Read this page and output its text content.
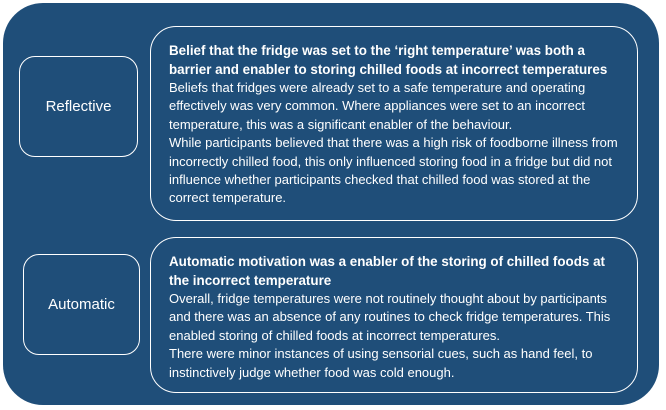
Reflective

Belief that the fridge was set to the ‘right temperature’ was both a barrier and enabler to storing chilled foods at incorrect temperatures

Beliefs that fridges were already set to a safe temperature and operating effectively was very common. Where appliances were set to an incorrect temperature, this was a significant enabler of the behaviour.

While participants believed that there was a high risk of foodborne illness from incorrectly chilled food, this only influenced storing food in a fridge but did not influence whether participants checked that chilled food was stored at the correct temperature.

Automatic

Automatic motivation was a enabler of the storing of chilled foods at the incorrect temperature

Overall, fridge temperatures were not routinely thought about by participants and there was an absence of any routines to check fridge temperatures. This enabled storing of chilled foods at incorrect temperatures.

There were minor instances of using sensorial cues, such as hand feel, to instinctively judge whether food was cold enough.
